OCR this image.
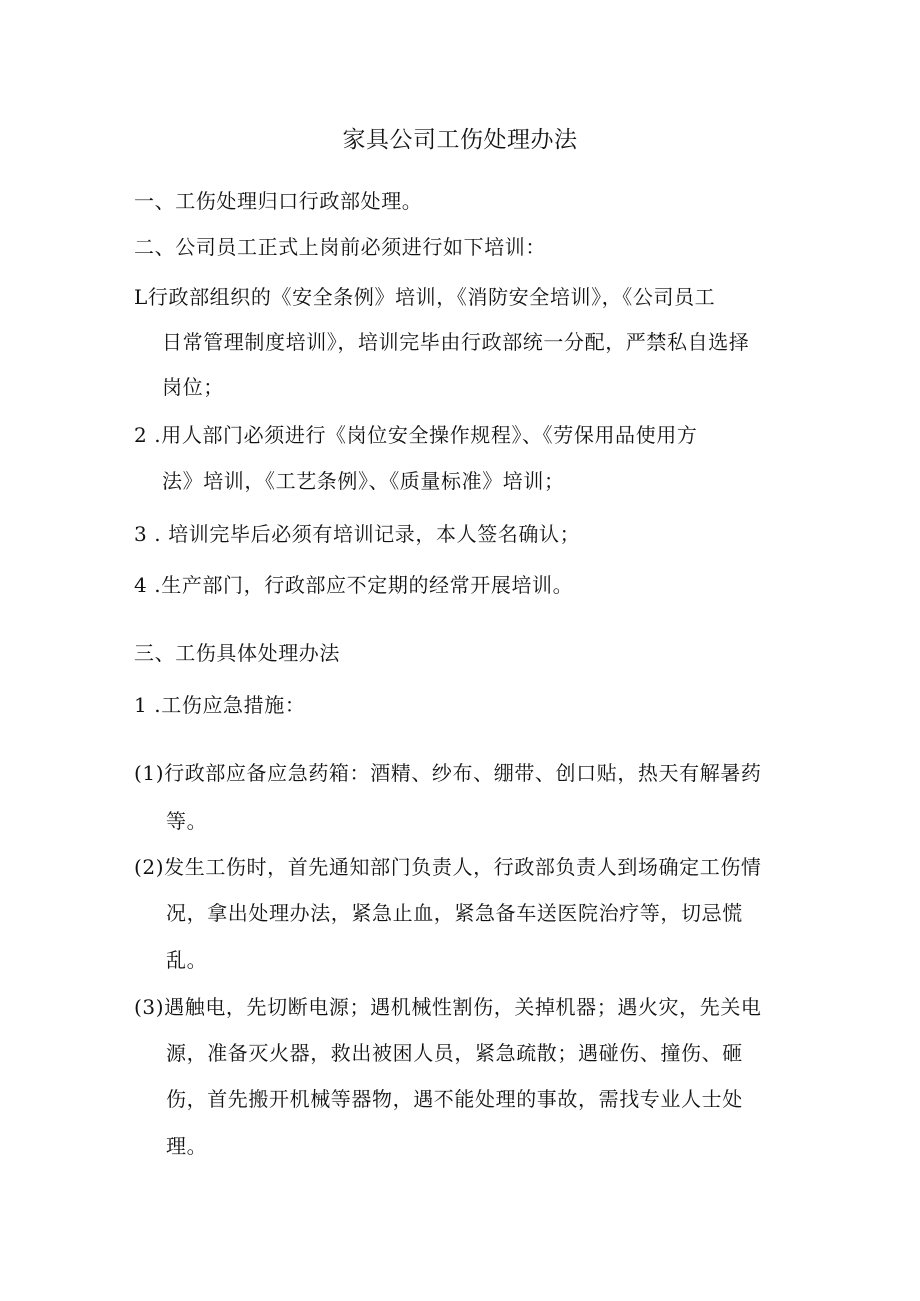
家具公司工伤处理办法
一、工伤处理归口行政部处理。
二、公司员工正式上岗前必须进行如下培训：
L行政部组织的《安全条例》培训，《消防安全培训》，《公司员工
日常管理制度培训》，培训完毕由行政部统一分配，严禁私自选择
岗位；
2 .用人部门必须进行《岗位安全操作规程》、《劳保用品使用方
法》培训，《工艺条例》、《质量标准》培训；
3 . 培训完毕后必须有培训记录，本人签名确认；
4 .生产部门，行政部应不定期的经常开展培训。
三、工伤具体处理办法
1 .工伤应急措施：
(1)行政部应备应急药箱：酒精、纱布、绷带、创口贴，热天有解暑药
等。
(2)发生工伤时，首先通知部门负责人，行政部负责人到场确定工伤情
况，拿出处理办法，紧急止血，紧急备车送医院治疗等，切忌慌
乱。
(3)遇触电，先切断电源；遇机械性割伤，关掉机器；遇火灾，先关电
源，准备灭火器，救出被困人员，紧急疏散；遇碰伤、撞伤、砸
伤，首先搬开机械等器物，遇不能处理的事故，需找专业人士处
理。
